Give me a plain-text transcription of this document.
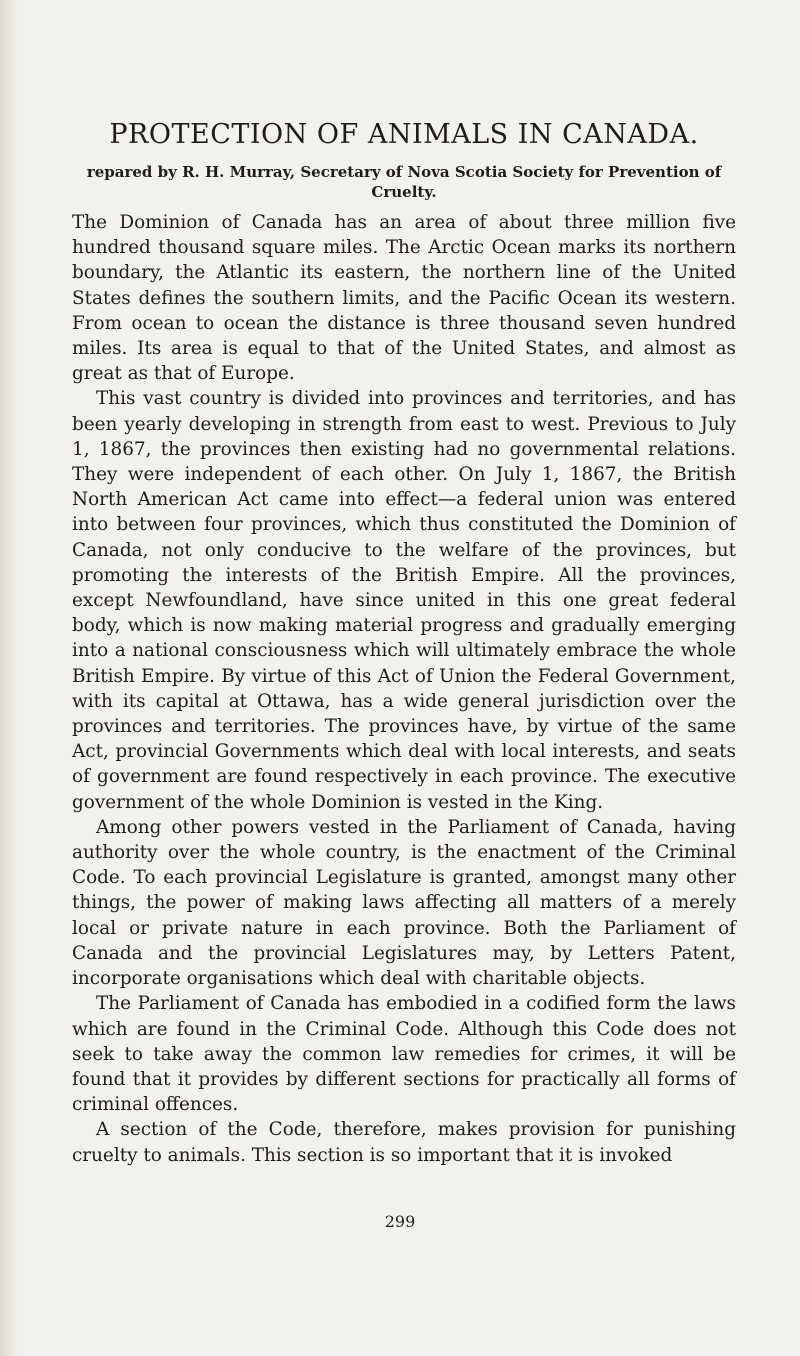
PROTECTION OF ANIMALS IN CANADA.

repared by R. H. Murray, Secretary of Nova Scotia Society for Prevention of Cruelty.

The Dominion of Canada has an area of about three million five hundred thousand square miles. The Arctic Ocean marks its northern boundary, the Atlantic its eastern, the northern line of the United States defines the southern limits, and the Pacific Ocean its western. From ocean to ocean the distance is three thousand seven hundred miles. Its area is equal to that of the United States, and almost as great as that of Europe.

This vast country is divided into provinces and territories, and has been yearly developing in strength from east to west. Previous to July 1, 1867, the provinces then existing had no governmental relations. They were independent of each other. On July 1, 1867, the British North American Act came into effect—a federal union was entered into between four provinces, which thus constituted the Dominion of Canada, not only conducive to the welfare of the provinces, but promoting the interests of the British Empire. All the provinces, except Newfoundland, have since united in this one great federal body, which is now making material progress and gradually emerging into a national consciousness which will ultimately embrace the whole British Empire. By virtue of this Act of Union the Federal Government, with its capital at Ottawa, has a wide general jurisdiction over the provinces and territories. The provinces have, by virtue of the same Act, provincial Governments which deal with local interests, and seats of government are found respectively in each province. The executive government of the whole Dominion is vested in the King.

Among other powers vested in the Parliament of Canada, having authority over the whole country, is the enactment of the Criminal Code. To each provincial Legislature is granted, amongst many other things, the power of making laws affecting all matters of a merely local or private nature in each province. Both the Parliament of Canada and the provincial Legislatures may, by Letters Patent, incorporate organisations which deal with charitable objects.

The Parliament of Canada has embodied in a codified form the laws which are found in the Criminal Code. Although this Code does not seek to take away the common law remedies for crimes, it will be found that it provides by different sections for practically all forms of criminal offences.

A section of the Code, therefore, makes provision for punishing cruelty to animals. This section is so important that it is invoked

299
